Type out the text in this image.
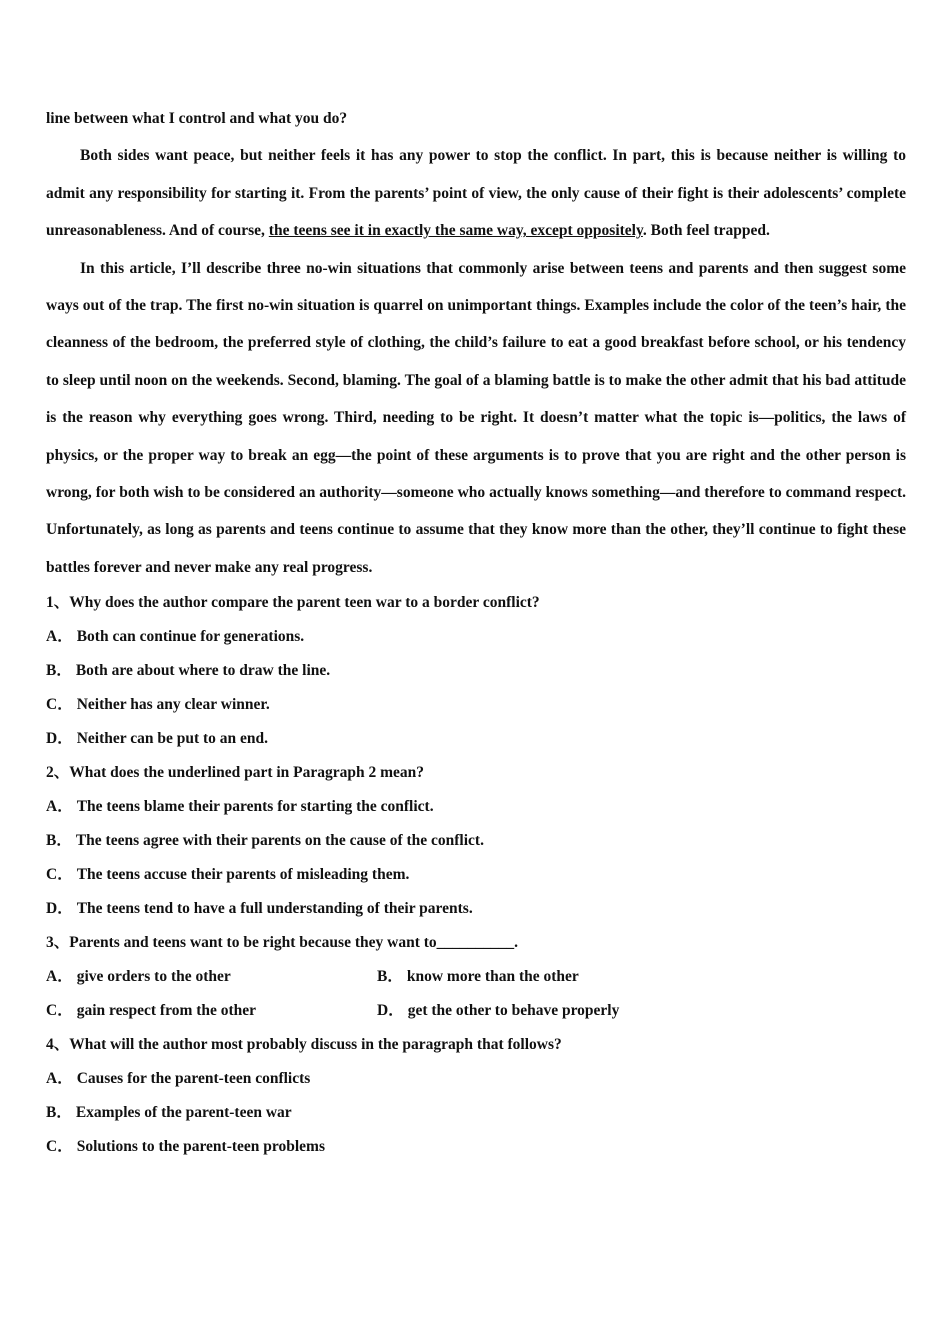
line between what I control and what you do?

Both sides want peace, but neither feels it has any power to stop the conflict. In part, this is because neither is willing to admit any responsibility for starting it. From the parents’ point of view, the only cause of their fight is their adolescents’ complete unreasonableness. And of course, the teens see it in exactly the same way, except oppositely. Both feel trapped.

In this article, I’ll describe three no-win situations that commonly arise between teens and parents and then suggest some ways out of the trap. The first no-win situation is quarrel on unimportant things. Examples include the color of the teen’s hair, the cleanness of the bedroom, the preferred style of clothing, the child’s failure to eat a good breakfast before school, or his tendency to sleep until noon on the weekends. Second, blaming. The goal of a blaming battle is to make the other admit that his bad attitude is the reason why everything goes wrong. Third, needing to be right. It doesn’t matter what the topic is—politics, the laws of physics, or the proper way to break an egg—the point of these arguments is to prove that you are right and the other person is wrong, for both wish to be considered an authority—someone who actually knows something—and therefore to command respect. Unfortunately, as long as parents and teens continue to assume that they know more than the other, they’ll continue to fight these battles forever and never make any real progress.

1、Why does the author compare the parent teen war to a border conflict?
A． Both can continue for generations.
B． Both are about where to draw the line.
C． Neither has any clear winner.
D． Neither can be put to an end.
2、What does the underlined part in Paragraph 2 mean?
A． The teens blame their parents for starting the conflict.
B． The teens agree with their parents on the cause of the conflict.
C． The teens accuse their parents of misleading them.
D． The teens tend to have a full understanding of their parents.
3、Parents and teens want to be right because they want to__________.
A． give orders to the other	B． know more than the other
C． gain respect from the other	D． get the other to behave properly
4、What will the author most probably discuss in the paragraph that follows?
A． Causes for the parent-teen conflicts
B． Examples of the parent-teen war
C． Solutions to the parent-teen problems
